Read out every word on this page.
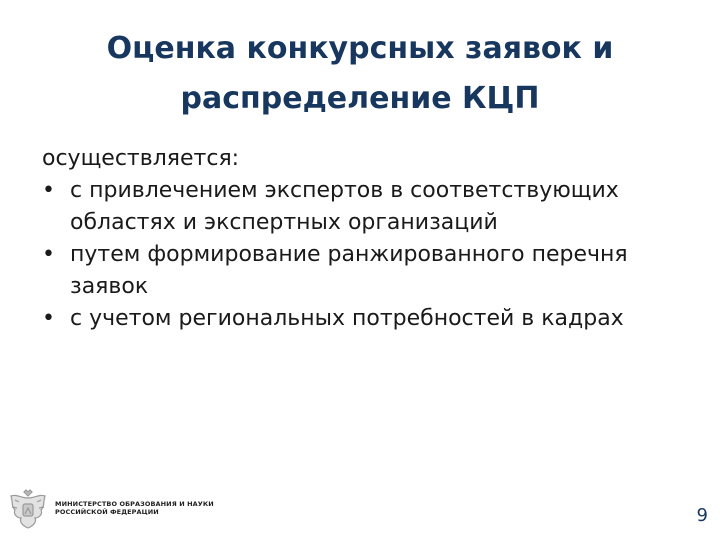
Оценка конкурсных заявок и
распределение КЦП

осуществляется:

• с привлечением экспертов в соответствующих областях и экспертных организаций
• путем формирование ранжированного перечня заявок
• с учетом региональных потребностей в кадрах
МИНИСТЕРСТВО ОБРАЗОВАНИЯ И НАУКИ
РОССИЙСКОЙ ФЕДЕРАЦИИ	9
